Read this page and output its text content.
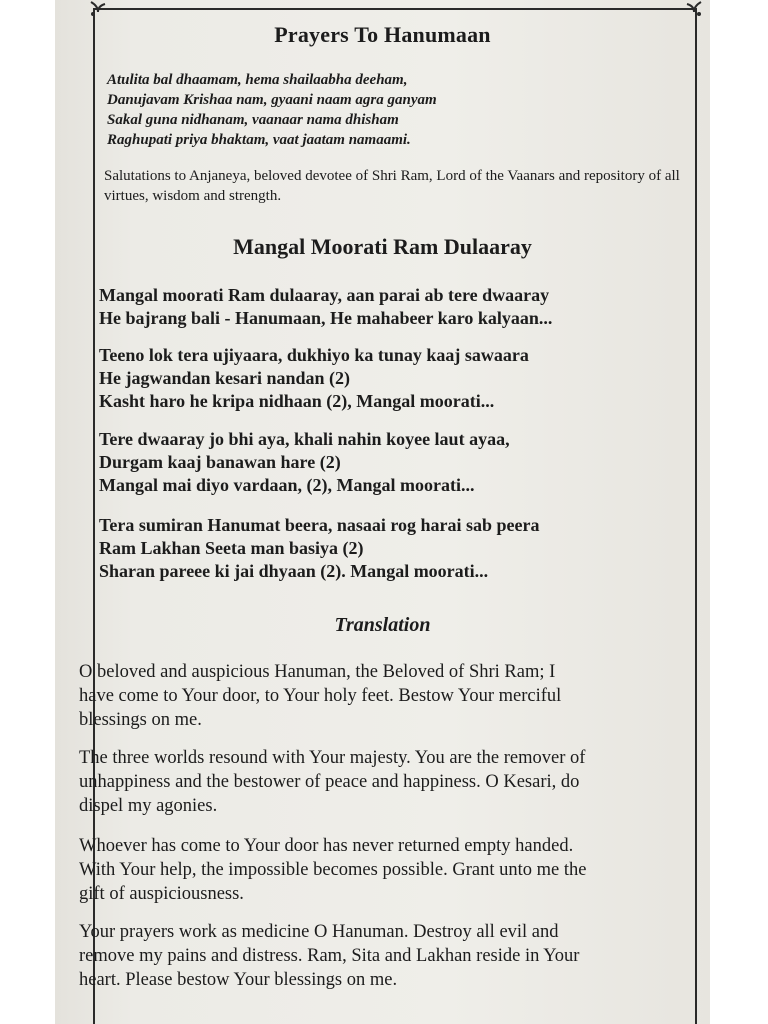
Prayers To Hanumaan
Atulita bal dhaamam, hema shailaabha deeham,
Danujavam Krishaa nam, gyaani naam agra ganyam
Sakal guna nidhanam, vaanaar nama dhisham
Raghupati priya bhaktam, vaat jaatam namaami.

Salutations to Anjaneya, beloved devotee of Shri Ram, Lord of the Vaanars and repository of all virtues, wisdom and strength.

Mangal Moorati Ram Dulaaray
Mangal moorati Ram dulaaray, aan parai ab tere dwaaray
He bajrang bali - Hanumaan, He mahabeer karo kalyaan...
Teeno lok tera ujiyaara, dukhiyo ka tunay kaaj sawaara
He jagwandan kesari nandan (2)
Kasht haro he kripa nidhaan (2), Mangal moorati...
Tere dwaaray jo bhi aya, khali nahin koyee laut ayaa,
Durgam kaaj banawan hare (2)
Mangal mai diyo vardaan, (2), Mangal moorati...
Tera sumiran Hanumat beera, nasaai rog harai sab peera
Ram Lakhan Seeta man basiya (2)
Sharan pareee ki jai dhyaan (2). Mangal moorati...
Translation
O beloved and auspicious Hanuman, the Beloved of Shri Ram; I
have come to Your door, to Your holy feet. Bestow Your merciful
blessings on me.
The three worlds resound with Your majesty. You are the remover of
unhappiness and the bestower of peace and happiness. O Kesari, do
dispel my agonies.
Whoever has come to Your door has never returned empty handed.
With Your help, the impossible becomes possible. Grant unto me the
gift of auspiciousness.
Your prayers work as medicine O Hanuman. Destroy all evil and
remove my pains and distress. Ram, Sita and Lakhan reside in Your
heart. Please bestow Your blessings on me.
